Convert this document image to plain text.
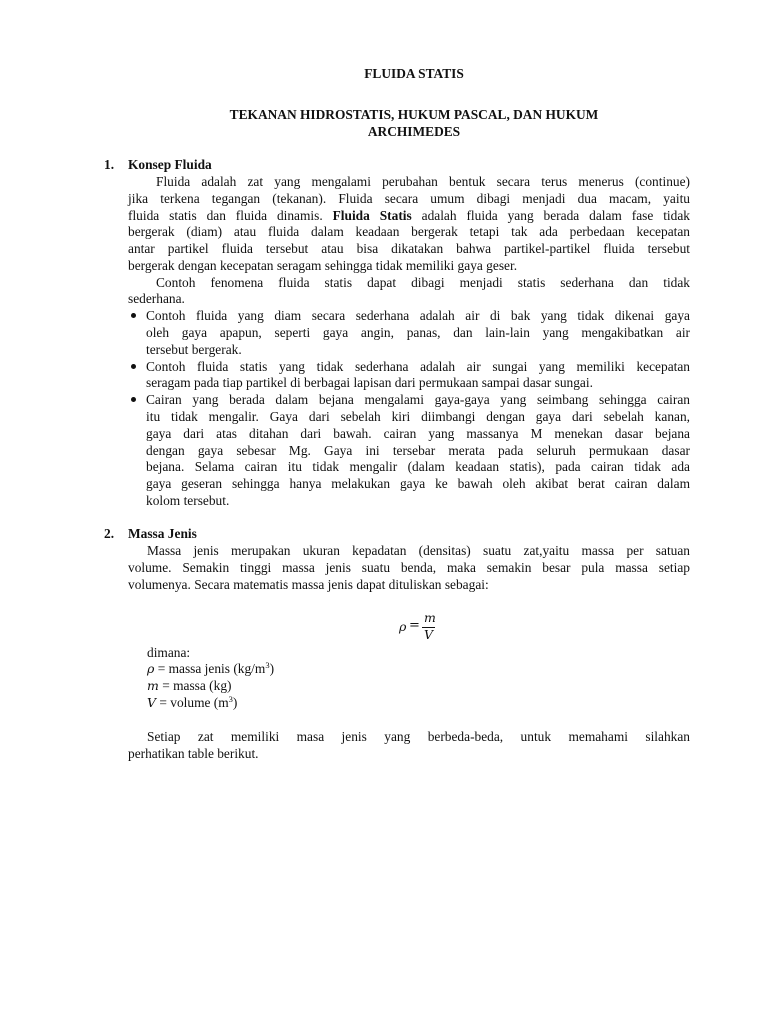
FLUIDA STATIS
TEKANAN HIDROSTATIS, HUKUM PASCAL, DAN HUKUM
ARCHIMEDES
1. Konsep Fluida
Fluida adalah zat yang mengalami perubahan bentuk secara terus menerus (continue)
jika terkena tegangan (tekanan). Fluida secara umum dibagi menjadi dua macam, yaitu
fluida statis dan fluida dinamis. Fluida Statis adalah fluida yang berada dalam fase tidak
bergerak (diam) atau fluida dalam keadaan bergerak tetapi tak ada perbedaan kecepatan
antar partikel fluida tersebut atau bisa dikatakan bahwa partikel-partikel fluida tersebut
bergerak dengan kecepatan seragam sehingga tidak memiliki gaya geser.
Contoh fenomena fluida statis dapat dibagi menjadi statis sederhana dan tidak
sederhana.
Contoh fluida yang diam secara sederhana adalah air di bak yang tidak dikenai gaya
oleh gaya apapun, seperti gaya angin, panas, dan lain-lain yang mengakibatkan air
tersebut bergerak.
Contoh fluida statis yang tidak sederhana adalah air sungai yang memiliki kecepatan
seragam pada tiap partikel di berbagai lapisan dari permukaan sampai dasar sungai.
Cairan yang berada dalam bejana mengalami gaya-gaya yang seimbang sehingga cairan
itu tidak mengalir. Gaya dari sebelah kiri diimbangi dengan gaya dari sebelah kanan,
gaya dari atas ditahan dari bawah. cairan yang massanya M menekan dasar bejana
dengan gaya sebesar Mg. Gaya ini tersebar merata pada seluruh permukaan dasar
bejana. Selama cairan itu tidak mengalir (dalam keadaan statis), pada cairan tidak ada
gaya geseran sehingga hanya melakukan gaya ke bawah oleh akibat berat cairan dalam
kolom tersebut.
2. Massa Jenis
Massa jenis merupakan ukuran kepadatan (densitas) suatu zat,yaitu massa per satuan
volume. Semakin tinggi massa jenis suatu benda, maka semakin besar pula massa setiap
volumenya. Secara matematis massa jenis dapat dituliskan sebagai:
ρ =
m
V
dimana:
ρ = massa jenis $(kg/m^3)$
m = massa (kg)
V = volume $(m^3)$
Setiap zat memiliki masa jenis yang berbeda-beda, untuk memahami silahkan
perhatikan table berikut.
